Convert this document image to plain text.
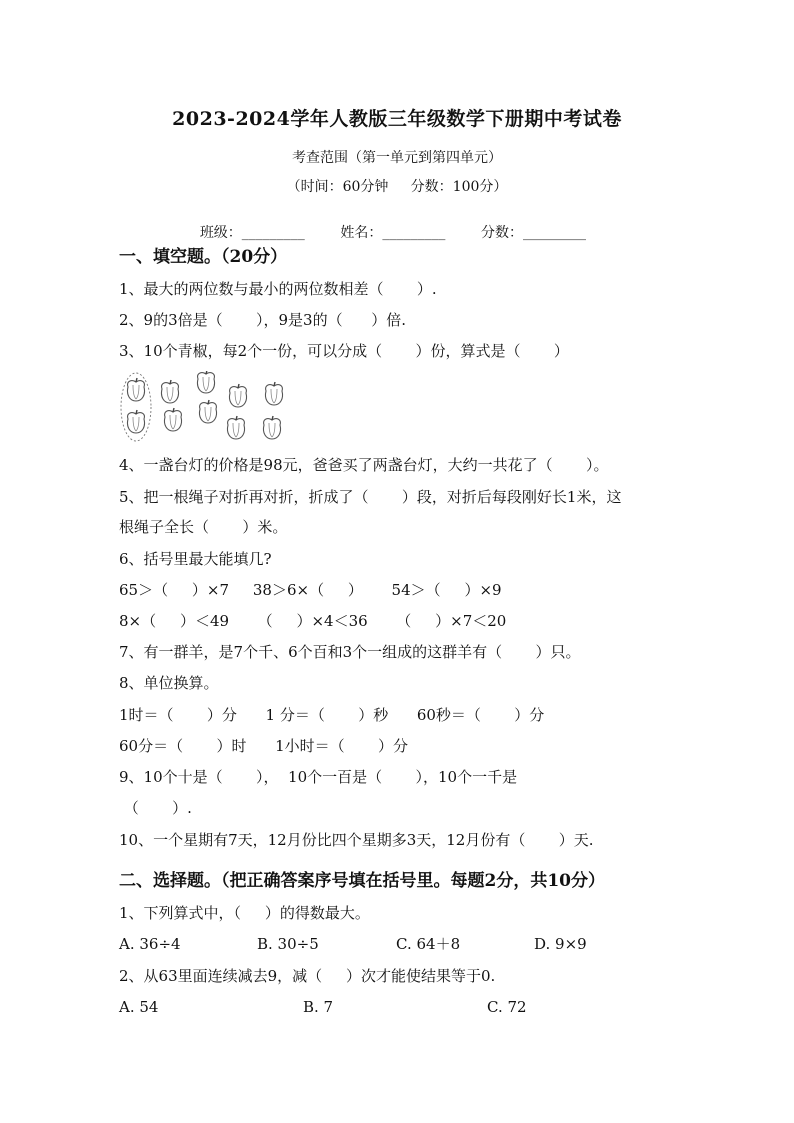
2023-2024学年人教版三年级数学下册期中考试卷
考查范围（第一单元到第四单元）
（时间：60分钟     分数：100分）

班级：_________	姓名：_________	分数：_________

一、填空题。（20分）
1、最大的两位数与最小的两位数相差（       ）.
2、9的3倍是（       ），9是3的（      ）倍.
3、10个青椒，每2个一份，可以分成（       ）份，算式是（       ）
4、一盏台灯的价格是98元，爸爸买了两盏台灯，大约一共花了（       ）。
5、把一根绳子对折再对折，折成了（       ）段，对折后每段刚好长1米，这
根绳子全长（       ）米。
6、括号里最大能填几?
65＞（     ）×7     38＞6×（     ）      54＞（     ）×9
8×（     ）＜49      （     ）×4＜36      （     ）×7＜20
7、有一群羊，是7个千、6个百和3个一组成的这群羊有（       ）只。
8、单位换算。
1时＝（       ）分      1 分＝（       ）秒      60秒＝（       ）分
60分＝（       ）时      1小时＝（       ）分
9、10个十是（       ），  10个一百是（       ），10个一千是
（       ）.
10、一个星期有7天，12月份比四个星期多3天，12月份有（       ）天.
二、选择题。（把正确答案序号填在括号里。每题2分，共10分）
1、下列算式中，（     ）的得数最大。
A. 36÷4	B. 30÷5	C. 64＋8	D. 9×9
2、从63里面连续减去9，减（     ）次才能使结果等于0.
A. 54	B. 7	C. 72
